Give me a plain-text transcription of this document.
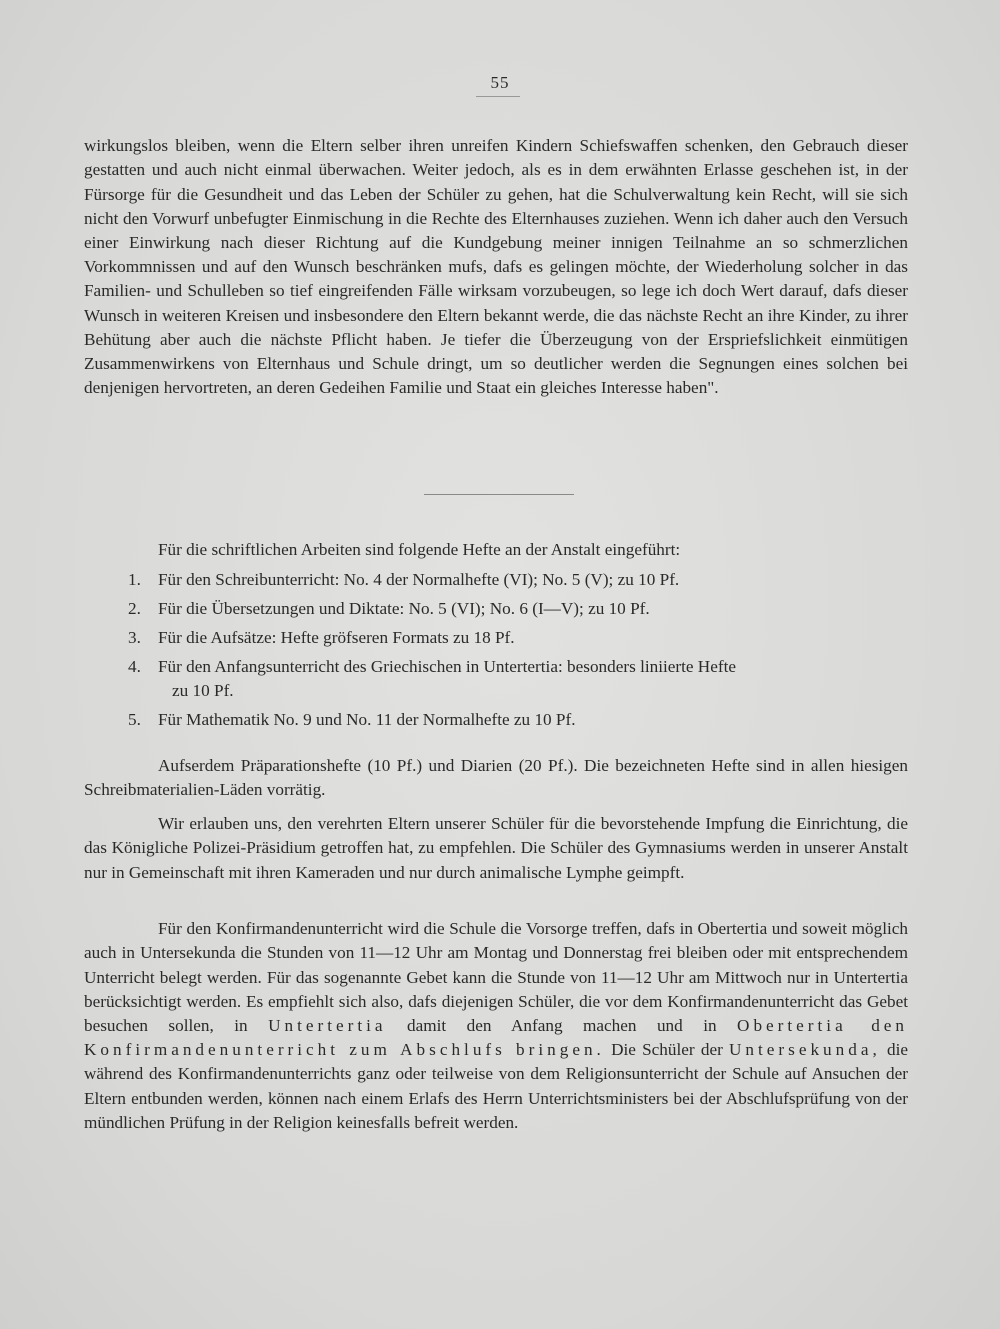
55

wirkungslos bleiben, wenn die Eltern selber ihren unreifen Kindern Schiefswaffen schenken, den Gebrauch dieser gestatten und auch nicht einmal überwachen. Weiter jedoch, als es in dem erwähnten Erlasse geschehen ist, in der Fürsorge für die Gesundheit und das Leben der Schüler zu gehen, hat die Schulverwaltung kein Recht, will sie sich nicht den Vorwurf unbefugter Einmischung in die Rechte des Elternhauses zuziehen. Wenn ich daher auch den Versuch einer Einwirkung nach dieser Richtung auf die Kundgebung meiner innigen Teilnahme an so schmerzlichen Vorkommnissen und auf den Wunsch beschränken mufs, dafs es gelingen möchte, der Wiederholung solcher in das Familien- und Schulleben so tief eingreifenden Fälle wirksam vorzubeugen, so lege ich doch Wert darauf, dafs dieser Wunsch in weiteren Kreisen und insbesondere den Eltern bekannt werde, die das nächste Recht an ihre Kinder, zu ihrer Behütung aber auch die nächste Pflicht haben. Je tiefer die Überzeugung von der Erspriefslichkeit einmütigen Zusammenwirkens von Elternhaus und Schule dringt, um so deutlicher werden die Segnungen eines solchen bei denjenigen hervortreten, an deren Gedeihen Familie und Staat ein gleiches Interesse haben".

Für die schriftlichen Arbeiten sind folgende Hefte an der Anstalt eingeführt:
1. Für den Schreibunterricht: No. 4 der Normalhefte (VI); No. 5 (V); zu 10 Pf.
2. Für die Übersetzungen und Diktate: No. 5 (VI); No. 6 (I—V); zu 10 Pf.
3. Für die Aufsätze: Hefte gröfseren Formats zu 18 Pf.
4. Für den Anfangsunterricht des Griechischen in Untertertia: besonders liniierte Hefte
zu 10 Pf.
5. Für Mathematik No. 9 und No. 11 der Normalhefte zu 10 Pf.

Aufserdem Präparationshefte (10 Pf.) und Diarien (20 Pf.). Die bezeichneten Hefte sind in allen hiesigen Schreibmaterialien-Läden vorrätig.

Wir erlauben uns, den verehrten Eltern unserer Schüler für die bevorstehende Impfung die Einrichtung, die das Königliche Polizei-Präsidium getroffen hat, zu empfehlen. Die Schüler des Gymnasiums werden in unserer Anstalt nur in Gemeinschaft mit ihren Kameraden und nur durch animalische Lymphe geimpft.

Für den Konfirmandenunterricht wird die Schule die Vorsorge treffen, dafs in Obertertia und soweit möglich auch in Untersekunda die Stunden von 11—12 Uhr am Montag und Donnerstag frei bleiben oder mit entsprechendem Unterricht belegt werden. Für das sogenannte Gebet kann die Stunde von 11—12 Uhr am Mittwoch nur in Untertertia berücksichtigt werden. Es empfiehlt sich also, dafs diejenigen Schüler, die vor dem Konfirmandenunterricht das Gebet besuchen sollen, in Untertertia damit den Anfang machen und in Obertertia den Konfirmandenunterricht zum Abschlufs bringen. Die Schüler der Untersekunda, die während des Konfirmandenunterrichts ganz oder teilweise von dem Religionsunterricht der Schule auf Ansuchen der Eltern entbunden werden, können nach einem Erlafs des Herrn Unterrichtsministers bei der Abschlufsprüfung von der mündlichen Prüfung in der Religion keinesfalls befreit werden.
